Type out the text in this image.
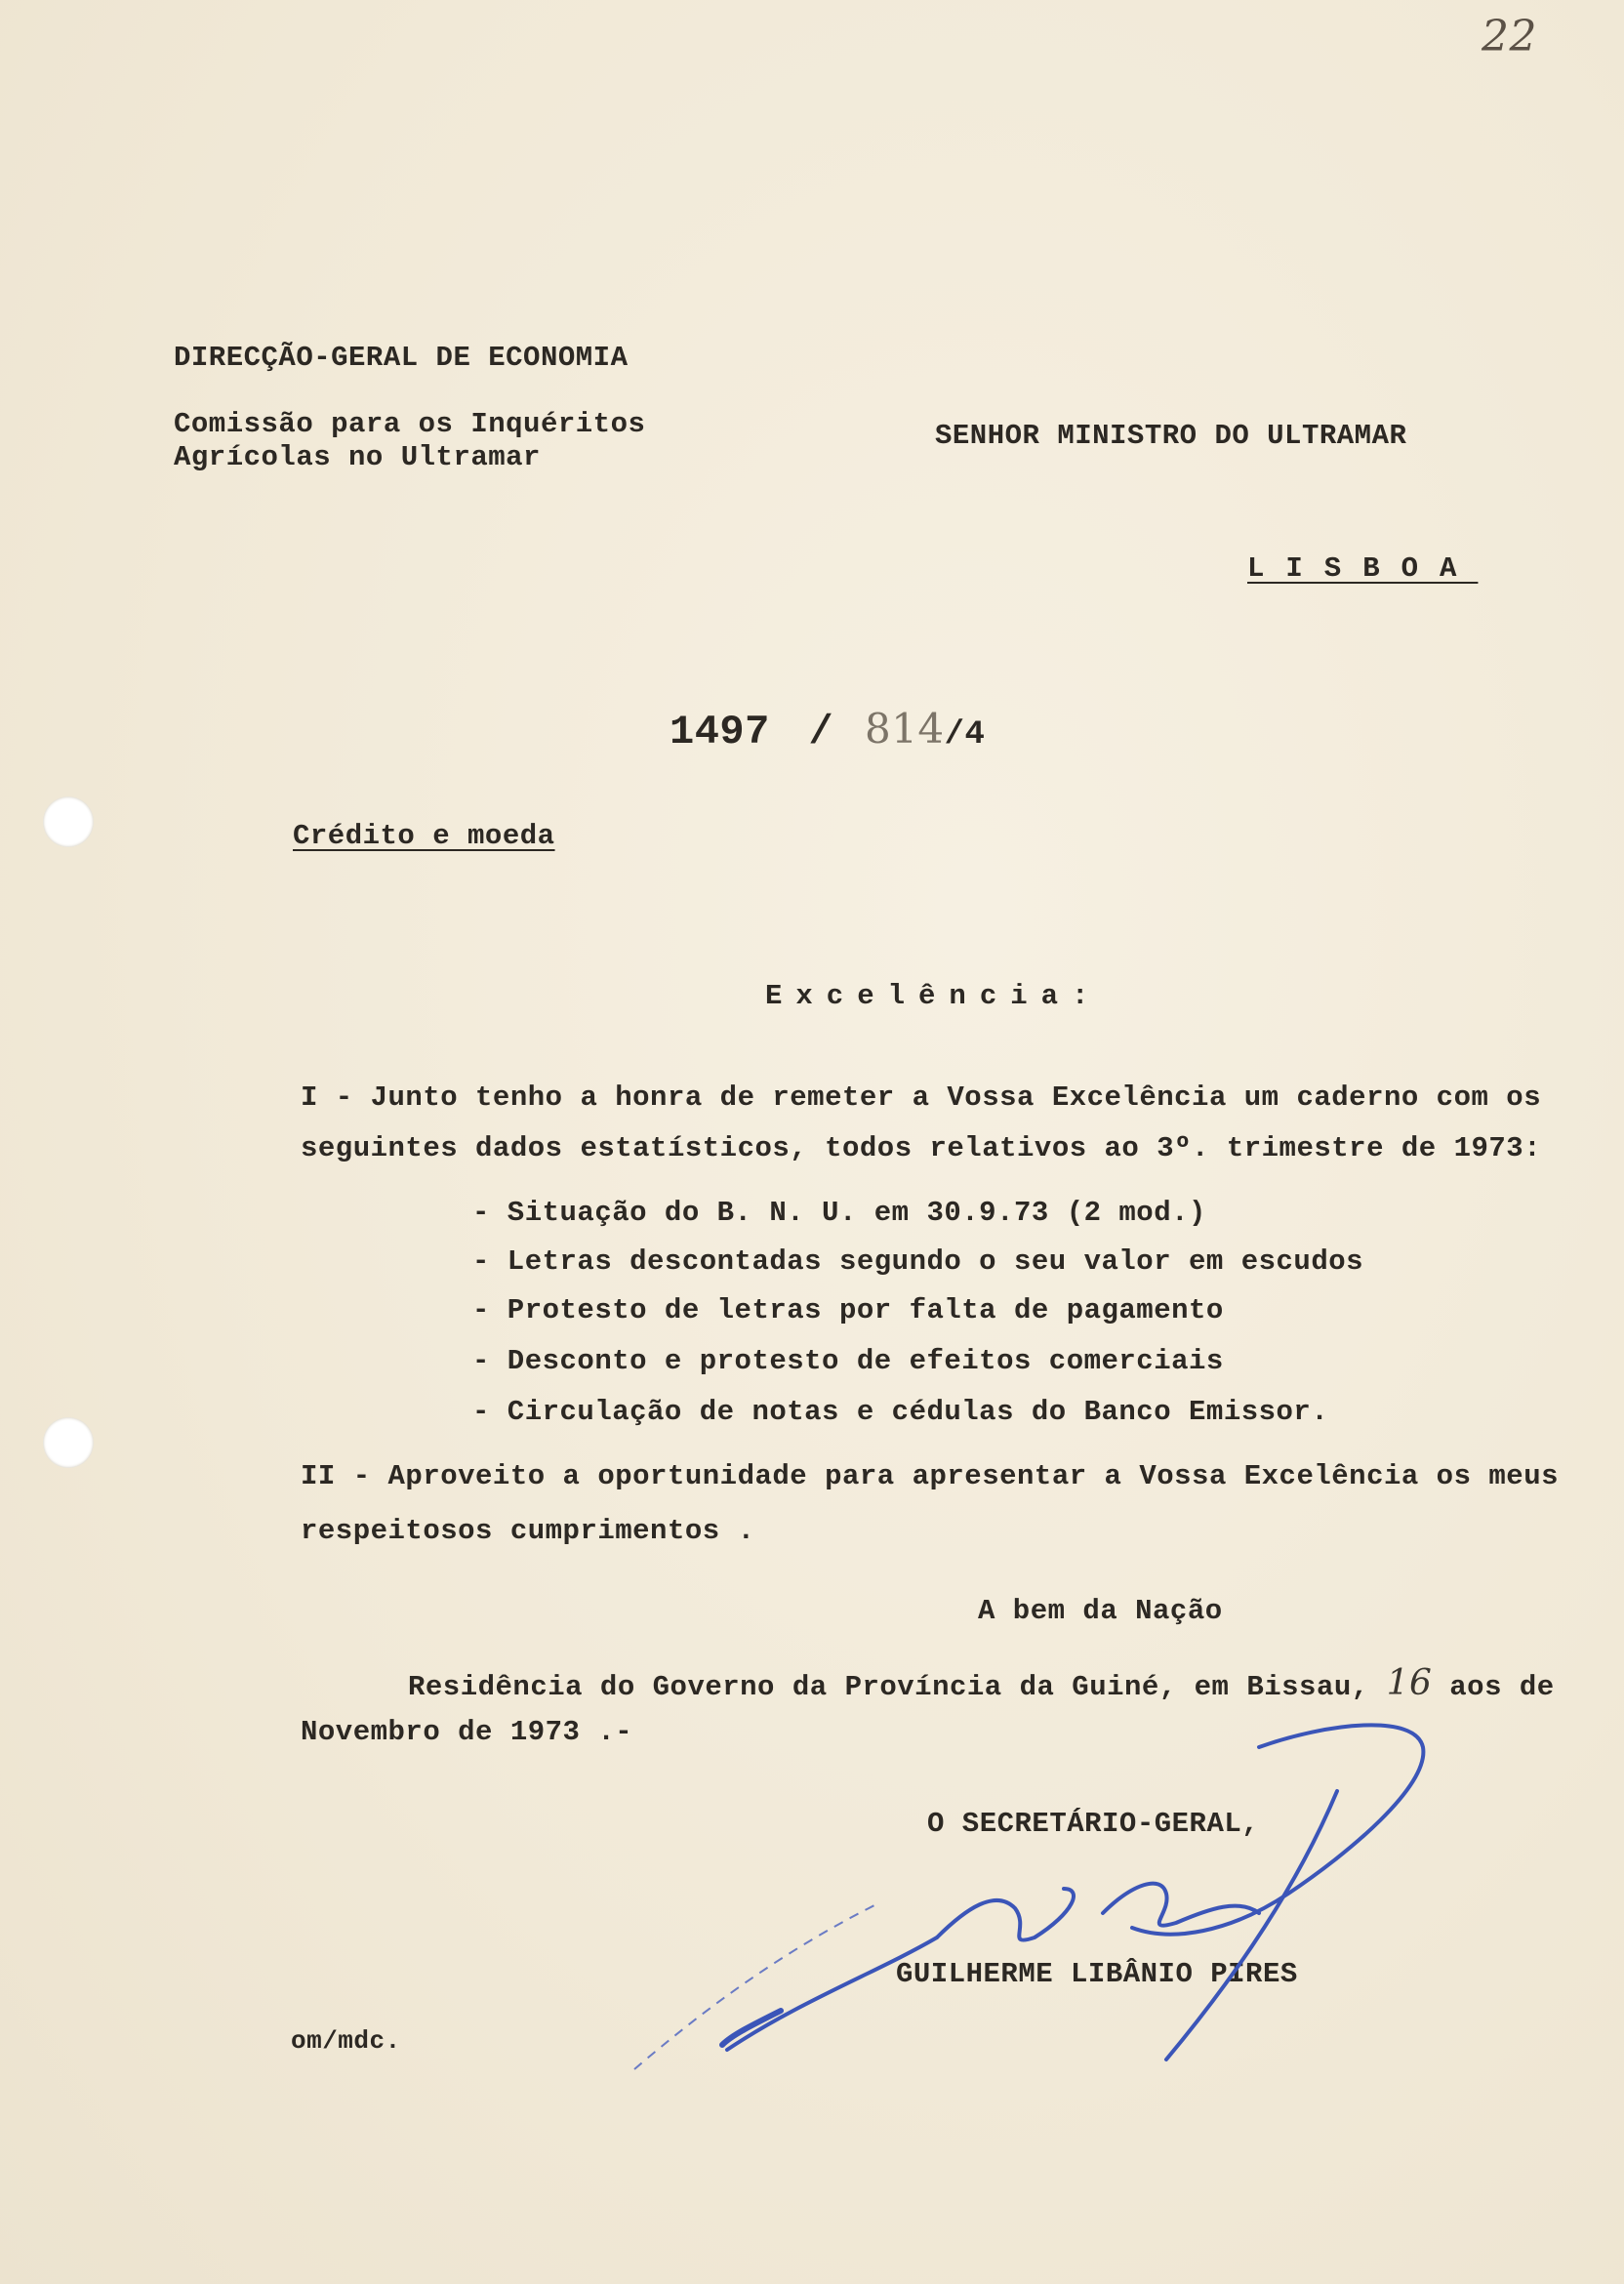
22
DIRECÇÃO-GERAL DE ECONOMIA
Comissão para os Inquéritos
Agrícolas no Ultramar
SENHOR MINISTRO DO ULTRAMAR
LISBOA
1497 / 814/4
Crédito e moeda
Excelência:
I - Junto tenho a honra de remeter a Vossa Excelência um caderno com os
seguintes dados estatísticos, todos relativos ao 3º. trimestre de 1973:
- Situação do B. N. U. em 30.9.73 (2 mod.)
- Letras descontadas segundo o seu valor em escudos
- Protesto de letras por falta de pagamento
- Desconto e protesto de efeitos comerciais
- Circulação de notas e cédulas do Banco Emissor.
II - Aproveito a oportunidade para apresentar a Vossa Excelência os meus
respeitosos cumprimentos .
A bem da Nação
Residência do Governo da Província da Guiné, em Bissau, 16 aos de
Novembro de 1973 .-
O SECRETÁRIO-GERAL,
GUILHERME LIBÂNIO PIRES
om/mdc.
